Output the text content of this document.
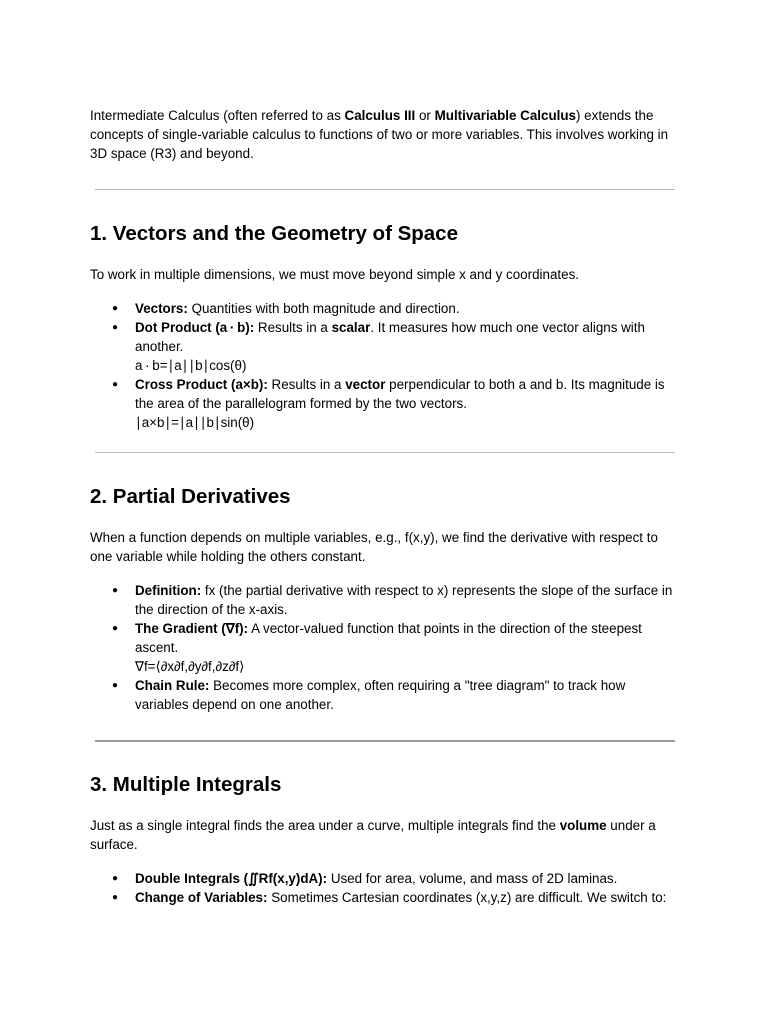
Intermediate Calculus (often referred to as Calculus III or Multivariable Calculus) extends the concepts of single-variable calculus to functions of two or more variables. This involves working in 3D space (R3) and beyond.

1. Vectors and the Geometry of Space

To work in multiple dimensions, we must move beyond simple x and y coordinates.

● Vectors: Quantities with both magnitude and direction.
● Dot Product (a · b): Results in a scalar. It measures how much one vector aligns with another.
a · b=∣a∣∣b∣cos(θ)
● Cross Product (a×b): Results in a vector perpendicular to both a and b. Its magnitude is the area of the parallelogram formed by the two vectors.
∣a×b∣=∣a∣∣b∣sin(θ)
2. Partial Derivatives

When a function depends on multiple variables, e.g., f(x,y), we find the derivative with respect to one variable while holding the others constant.

● Definition: fx (the partial derivative with respect to x) represents the slope of the surface in the direction of the x-axis.
● The Gradient (∇f): A vector-valued function that points in the direction of the steepest ascent.
∇f=⟨∂x∂f,∂y∂f,∂z∂f⟩
● Chain Rule: Becomes more complex, often requiring a "tree diagram" to track how variables depend on one another.
3. Multiple Integrals

Just as a single integral finds the area under a curve, multiple integrals find the volume under a surface.

● Double Integrals (∬Rf(x,y)dA): Used for area, volume, and mass of 2D laminas.
● Change of Variables: Sometimes Cartesian coordinates (x,y,z) are difficult. We switch to:
